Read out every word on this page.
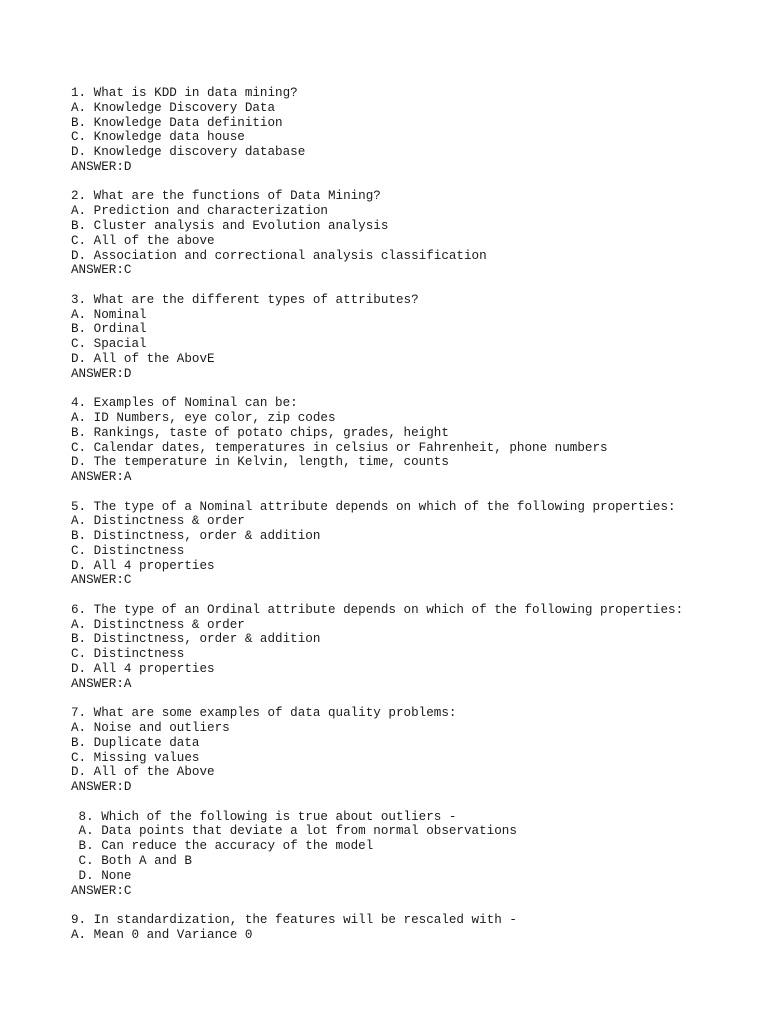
1. What is KDD in data mining?
A. Knowledge Discovery Data
B. Knowledge Data definition
C. Knowledge data house
D. Knowledge discovery database
ANSWER:D
2. What are the functions of Data Mining?
A. Prediction and characterization
B. Cluster analysis and Evolution analysis
C. All of the above
D. Association and correctional analysis classification
ANSWER:C
3. What are the different types of attributes?
A. Nominal
B. Ordinal
C. Spacial
D. All of the AbovE
ANSWER:D
4. Examples of Nominal can be:
A. ID Numbers, eye color, zip codes
B. Rankings, taste of potato chips, grades, height
C. Calendar dates, temperatures in celsius or Fahrenheit, phone numbers
D. The temperature in Kelvin, length, time, counts
ANSWER:A
5. The type of a Nominal attribute depends on which of the following properties:
A. Distinctness & order
B. Distinctness, order & addition
C. Distinctness
D. All 4 properties
ANSWER:C
6. The type of an Ordinal attribute depends on which of the following properties:
A. Distinctness & order
B. Distinctness, order & addition
C. Distinctness
D. All 4 properties
ANSWER:A
7. What are some examples of data quality problems:
A. Noise and outliers
B. Duplicate data
C. Missing values
D. All of the Above
ANSWER:D
8. Which of the following is true about outliers -
A. Data points that deviate a lot from normal observations
B. Can reduce the accuracy of the model
C. Both A and B
D. None
ANSWER:C
9. In standardization, the features will be rescaled with -
A. Mean 0 and Variance 0
